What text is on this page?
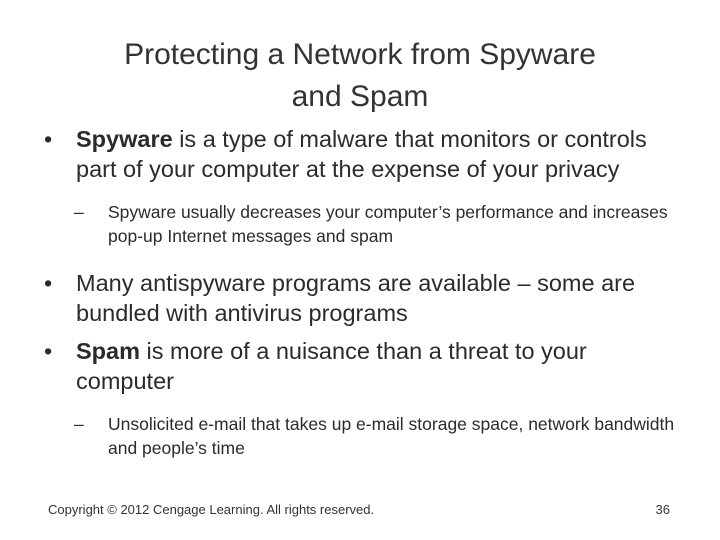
Protecting a Network from Spyware
and Spam
•	Spyware is a type of malware that monitors or controls part of your computer at the expense of your privacy
– Spyware usually decreases your computer’s performance and increases pop-up Internet messages and spam
•	Many antispyware programs are available – some are bundled with antivirus programs
•	Spam is more of a nuisance than a threat to your computer
– Unsolicited e-mail that takes up e-mail storage space, network bandwidth and people’s time
Copyright © 2012 Cengage Learning. All rights reserved.	36
